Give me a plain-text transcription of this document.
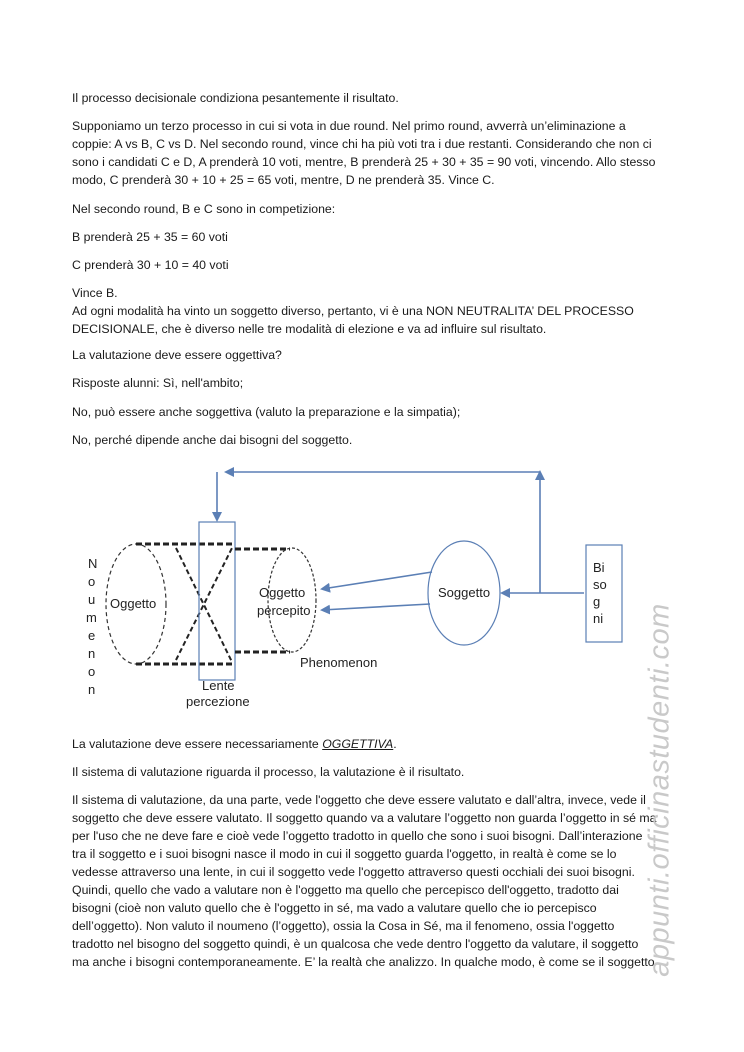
Il processo decisionale condiziona pesantemente il risultato.

Supponiamo un terzo processo in cui si vota in due round. Nel primo round, avverrà un’eliminazione a
coppie: A vs B, C vs D. Nel secondo round, vince chi ha più voti tra i due restanti. Considerando che non ci
sono i candidati C e D, A prenderà 10 voti, mentre, B prenderà 25 + 30 + 35 = 90 voti, vincendo. Allo stesso
modo, C prenderà 30 + 10 + 25 = 65 voti, mentre, D ne prenderà 35. Vince C.

Nel secondo round, B e C sono in competizione:

B prenderà 25 + 35 = 60 voti

C prenderà 30 + 10 = 40 voti

Vince B.
Ad ogni modalità ha vinto un soggetto diverso, pertanto, vi è una NON NEUTRALITA’ DEL PROCESSO
DECISIONALE, che è diverso nelle tre modalità di elezione e va ad influire sul risultato.

La valutazione deve essere oggettiva?

Risposte alunni: Sì, nell'ambito;

No, può essere anche soggettiva (valuto la preparazione e la simpatia);

No, perché dipende anche dai bisogni del soggetto.

N
o
u
m
e
n
o
n
Oggetto
Lente
percezione
Oggetto
percepito
Phenomenon
Soggetto
Bi
so
g
ni

La valutazione deve essere necessariamente OGGETTIVA.

Il sistema di valutazione riguarda il processo, la valutazione è il risultato.

Il sistema di valutazione, da una parte, vede l'oggetto che deve essere valutato e dall’altra, invece, vede il
soggetto che deve essere valutato. Il soggetto quando va a valutare l’oggetto non guarda l’oggetto in sé ma
per l'uso che ne deve fare e cioè vede l’oggetto tradotto in quello che sono i suoi bisogni. Dall’interazione
tra il soggetto e i suoi bisogni nasce il modo in cui il soggetto guarda l'oggetto, in realtà è come se lo
vedesse attraverso una lente, in cui il soggetto vede l'oggetto attraverso questi occhiali dei suoi bisogni.
Quindi, quello che vado a valutare non è l'oggetto ma quello che percepisco dell'oggetto, tradotto dai
bisogni (cioè non valuto quello che è l'oggetto in sé, ma vado a valutare quello che io percepisco
dell’oggetto). Non valuto il noumeno (l’oggetto), ossia la Cosa in Sé, ma il fenomeno, ossia l'oggetto
tradotto nel bisogno del soggetto quindi, è un qualcosa che vede dentro l'oggetto da valutare, il soggetto
ma anche i bisogni contemporaneamente. E’ la realtà che analizzo. In qualche modo, è come se il soggetto

appunti.officinastudenti.com
